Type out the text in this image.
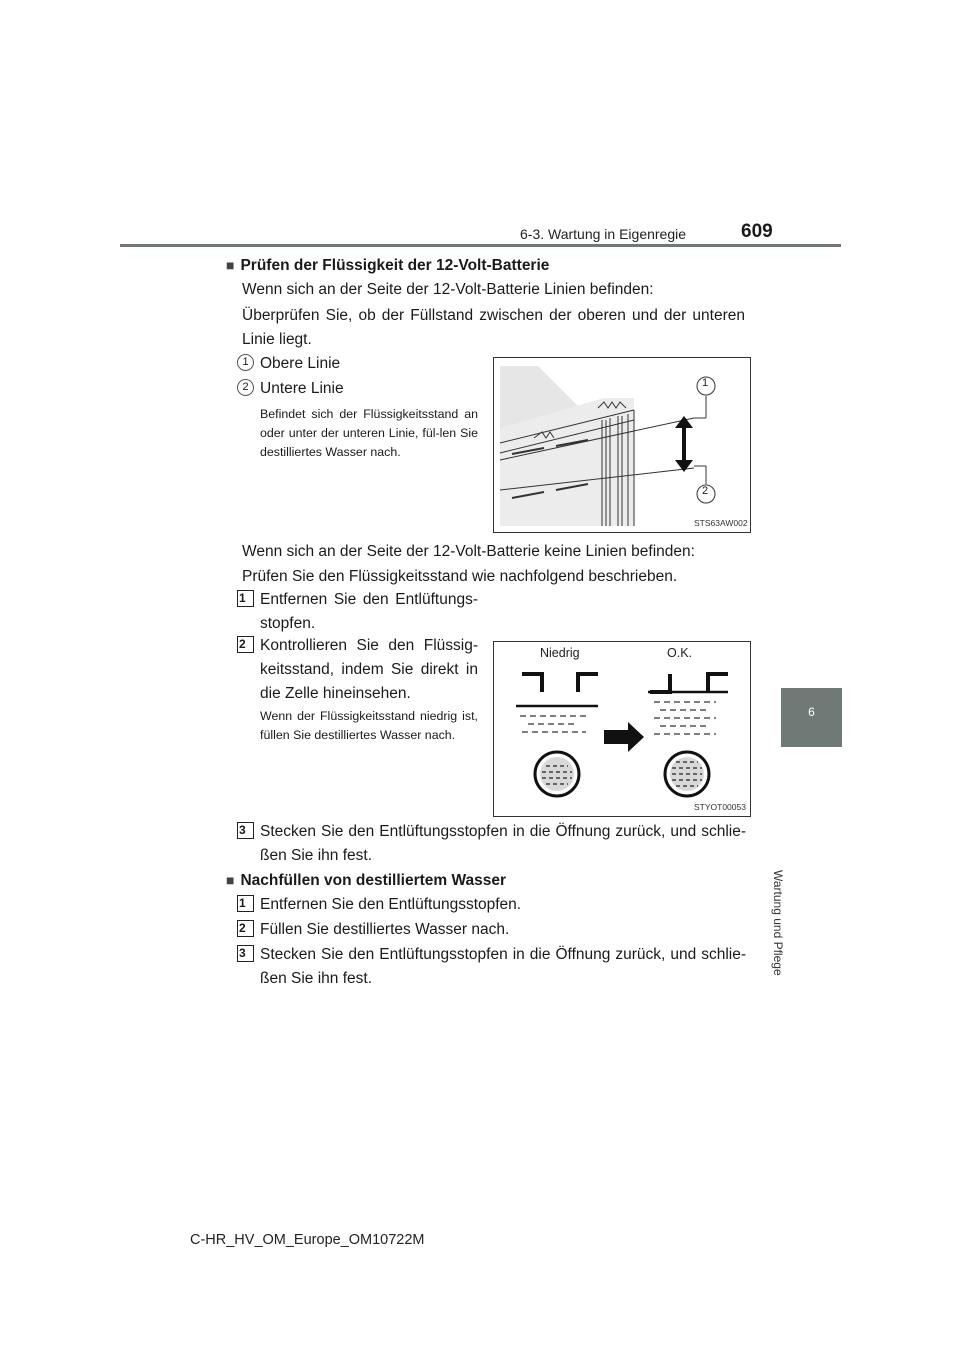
6-3. Wartung in Eigenregie	609
6
Wartung und Pflege
■ Prüfen der Flüssigkeit der 12-Volt-Batterie
Wenn sich an der Seite der 12-Volt-Batterie Linien befinden:
Überprüfen Sie, ob der Füllstand zwischen der oberen und der unteren Linie liegt.
1 Obere Linie
2 Untere Linie
Befindet sich der Flüssigkeitsstand an oder unter der unteren Linie, fül-len Sie destilliertes Wasser nach.
1
2
STS63AW002
Wenn sich an der Seite der 12-Volt-Batterie keine Linien befinden:
Prüfen Sie den Flüssigkeitsstand wie nachfolgend beschrieben.
1 Entfernen Sie den Entlüftungs-stopfen.
2 Kontrollieren Sie den Flüssig-keitsstand, indem Sie direkt in die Zelle hineinsehen.
Wenn der Flüssigkeitsstand niedrig ist, füllen Sie destilliertes Wasser nach.
Niedrig	O.K.
STYOT00053
3 Stecken Sie den Entlüftungsstopfen in die Öffnung zurück, und schlie-ßen Sie ihn fest.
■ Nachfüllen von destilliertem Wasser
1 Entfernen Sie den Entlüftungsstopfen.
2 Füllen Sie destilliertes Wasser nach.
3 Stecken Sie den Entlüftungsstopfen in die Öffnung zurück, und schlie-ßen Sie ihn fest.
C-HR_HV_OM_Europe_OM10722M
